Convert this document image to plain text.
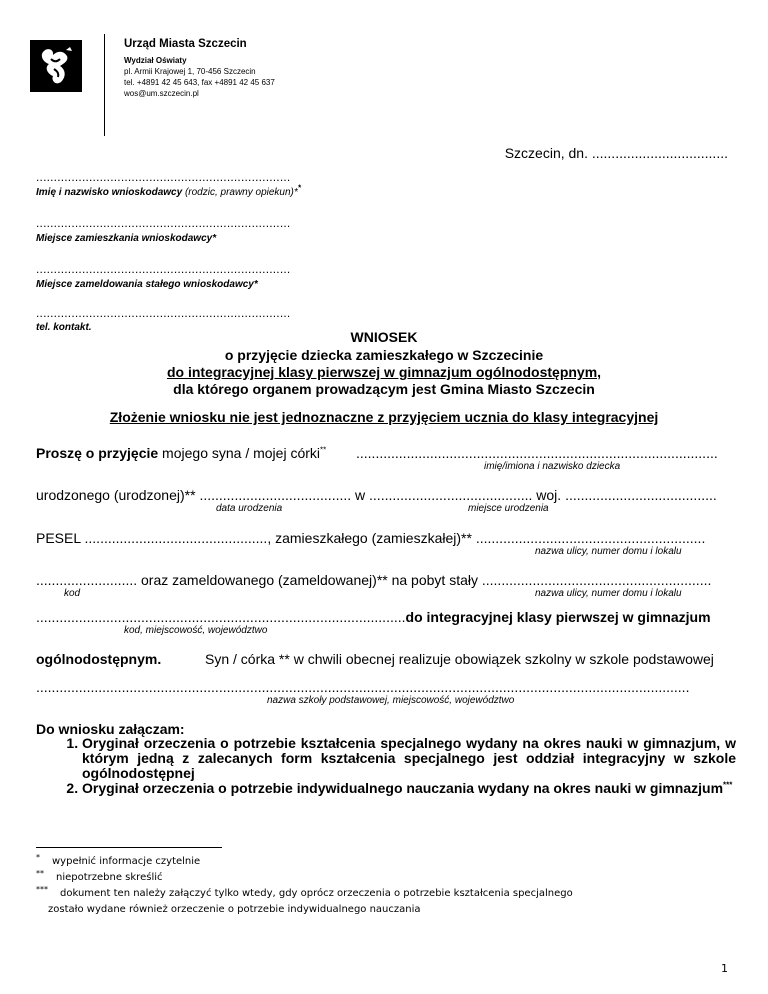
Urząd Miasta Szczecin
Wydział Oświaty
pl. Armii Krajowej 1, 70-456 Szczecin
tel. +4891 42 45 643, fax +4891 42 45 637
wos@um.szczecin.pl
Szczecin, dn. ...................................
........................................................................
Imię i nazwisko wnioskodawcy (rodzic, prawny opiekun)**
........................................................................
Miejsce zamieszkania wnioskodawcy*
........................................................................
Miejsce zameldowania stałego wnioskodawcy*
........................................................................
tel. kontakt.
WNIOSEK
o przyjęcie dziecka zamieszkałego w Szczecinie
do integracyjnej klasy pierwszej w gimnazjum ogólnodostępnym,
dla którego organem prowadzącym jest Gmina Miasto Szczecin
Złożenie wniosku nie jest jednoznaczne z przyjęciem ucznia do klasy integracyjnej
Proszę o przyjęcie mojego syna / mojej córki** .............................................................................................
imię/imiona i nazwisko dziecka
urodzonego (urodzonej)** ....................................... w .......................................... woj. .......................................
data urodzenia	miejsce urodzenia
PESEL ..............................................., zamieszkałego (zamieszkałej)** ...........................................................
nazwa ulicy, numer domu i lokalu
.......................... oraz zameldowanego (zameldowanej)** na pobyt stały ...........................................................
kod	nazwa ulicy, numer domu i lokalu
...............................................................................................do integracyjnej klasy pierwszej w gimnazjum
kod, miejscowość, województwo
ogólnodostępnym.	Syn / córka ** w chwili obecnej realizuje obowiązek szkolny w szkole podstawowej
........................................................................................................................................................................
nazwa szkoły podstawowej, miejscowość, województwo
Do wniosku załączam:
1. Oryginał orzeczenia o potrzebie kształcenia specjalnego wydany na okres nauki w gimnazjum, w którym jedną z zalecanych form kształcenia specjalnego jest oddział integracyjny w szkole ogólnodostępnej
2. Oryginał orzeczenia o potrzebie indywidualnego nauczania wydany na okres nauki w gimnazjum***
* wypełnić informacje czytelnie
** niepotrzebne skreślić
*** dokument ten należy załączyć tylko wtedy, gdy oprócz orzeczenia o potrzebie kształcenia specjalnego
zostało wydane również orzeczenie o potrzebie indywidualnego nauczania
1
